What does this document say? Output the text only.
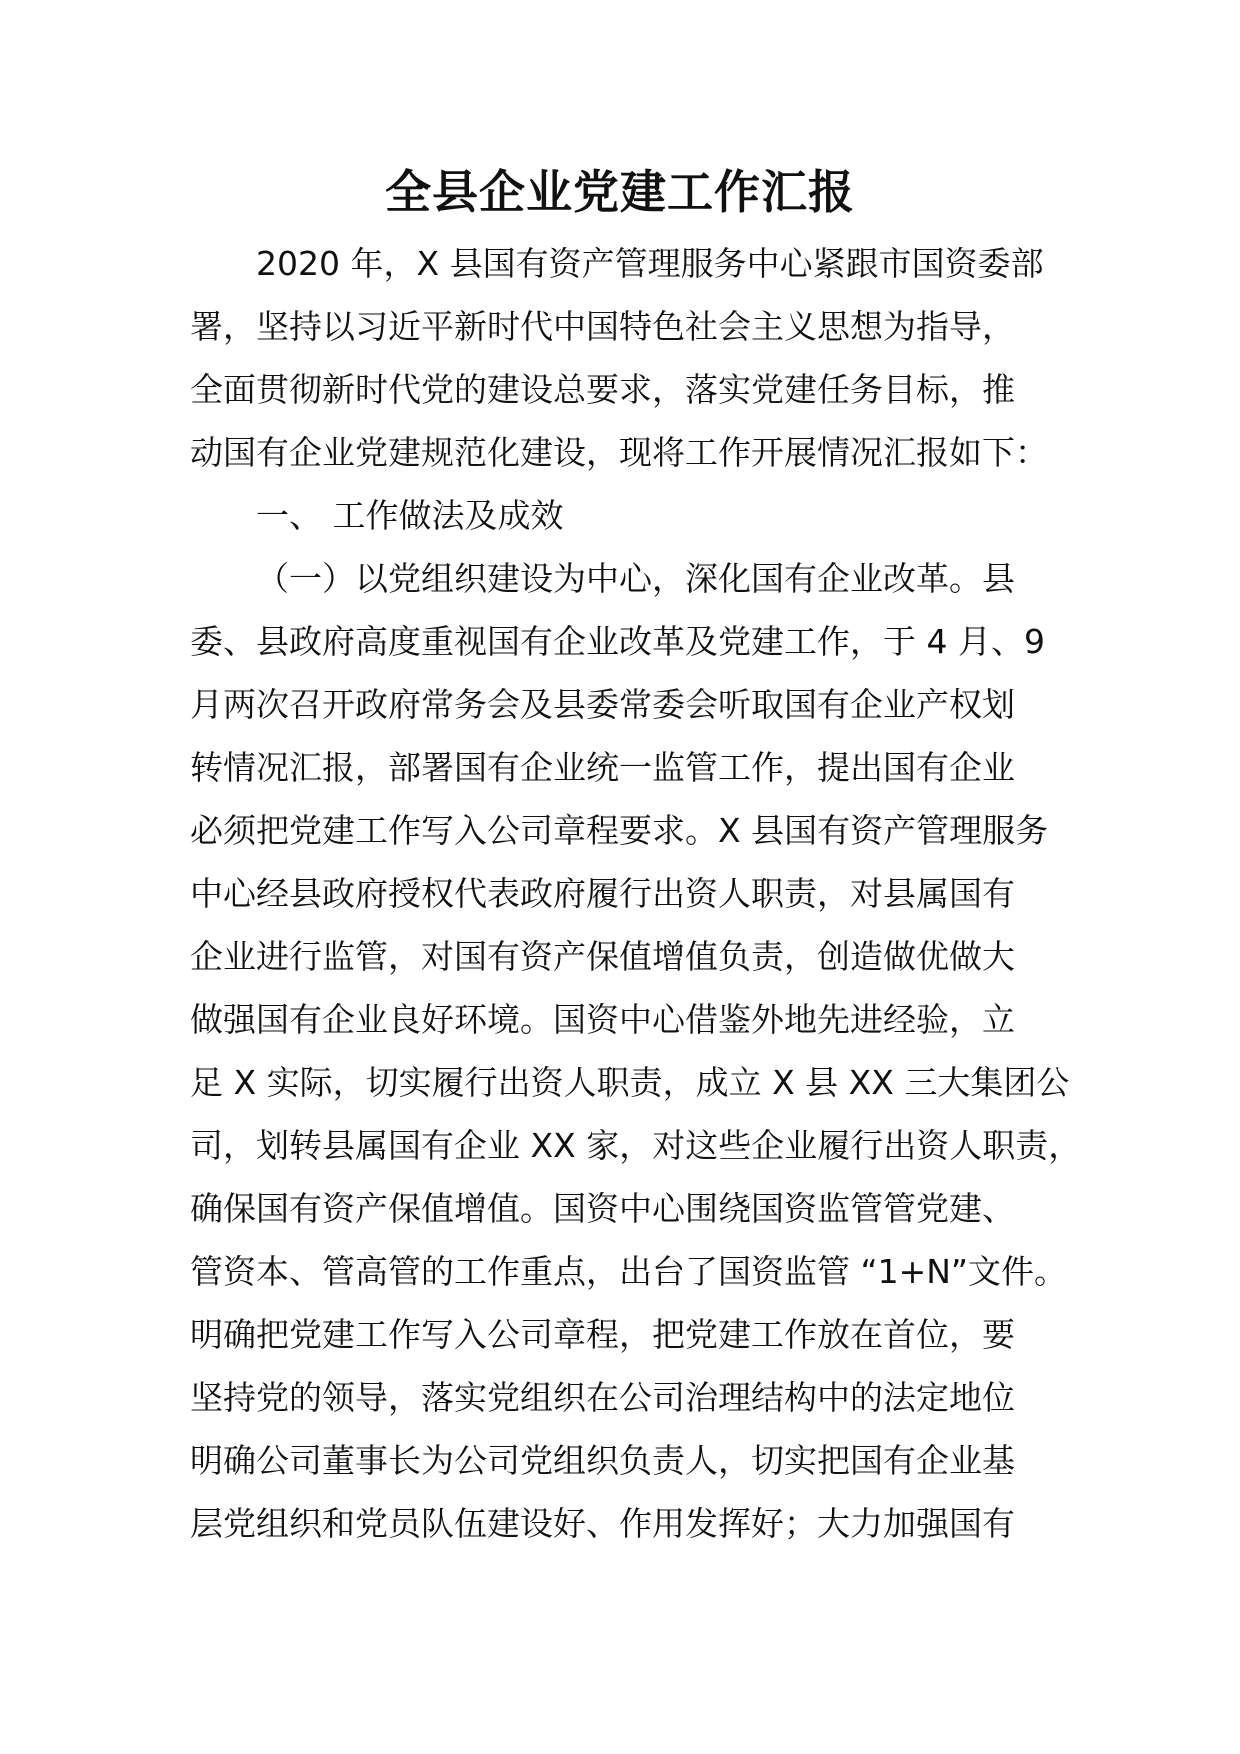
全县企业党建工作汇报

2020 年，X 县国有资产管理服务中心紧跟市国资委部

署，坚持以习近平新时代中国特色社会主义思想为指导，

全面贯彻新时代党的建设总要求，落实党建任务目标，推

动国有企业党建规范化建设，现将工作开展情况汇报如下：

一、 工作做法及成效

（一）以党组织建设为中心，深化国有企业改革。县

委、县政府高度重视国有企业改革及党建工作，于 4 月、9

月两次召开政府常务会及县委常委会听取国有企业产权划

转情况汇报，部署国有企业统一监管工作，提出国有企业

必须把党建工作写入公司章程要求。X 县国有资产管理服务

中心经县政府授权代表政府履行出资人职责，对县属国有

企业进行监管，对国有资产保值增值负责，创造做优做大

做强国有企业良好环境。国资中心借鉴外地先进经验，立

足 X 实际，切实履行出资人职责，成立 X 县 XX 三大集团公

司，划转县属国有企业 XX 家，对这些企业履行出资人职责，

确保国有资产保值增值。国资中心围绕国资监管管党建、

管资本、管高管的工作重点，出台了国资监管 “1+N”文件。

明确把党建工作写入公司章程，把党建工作放在首位，要

坚持党的领导，落实党组织在公司治理结构中的法定地位

明确公司董事长为公司党组织负责人，切实把国有企业基

层党组织和党员队伍建设好、作用发挥好；大力加强国有
